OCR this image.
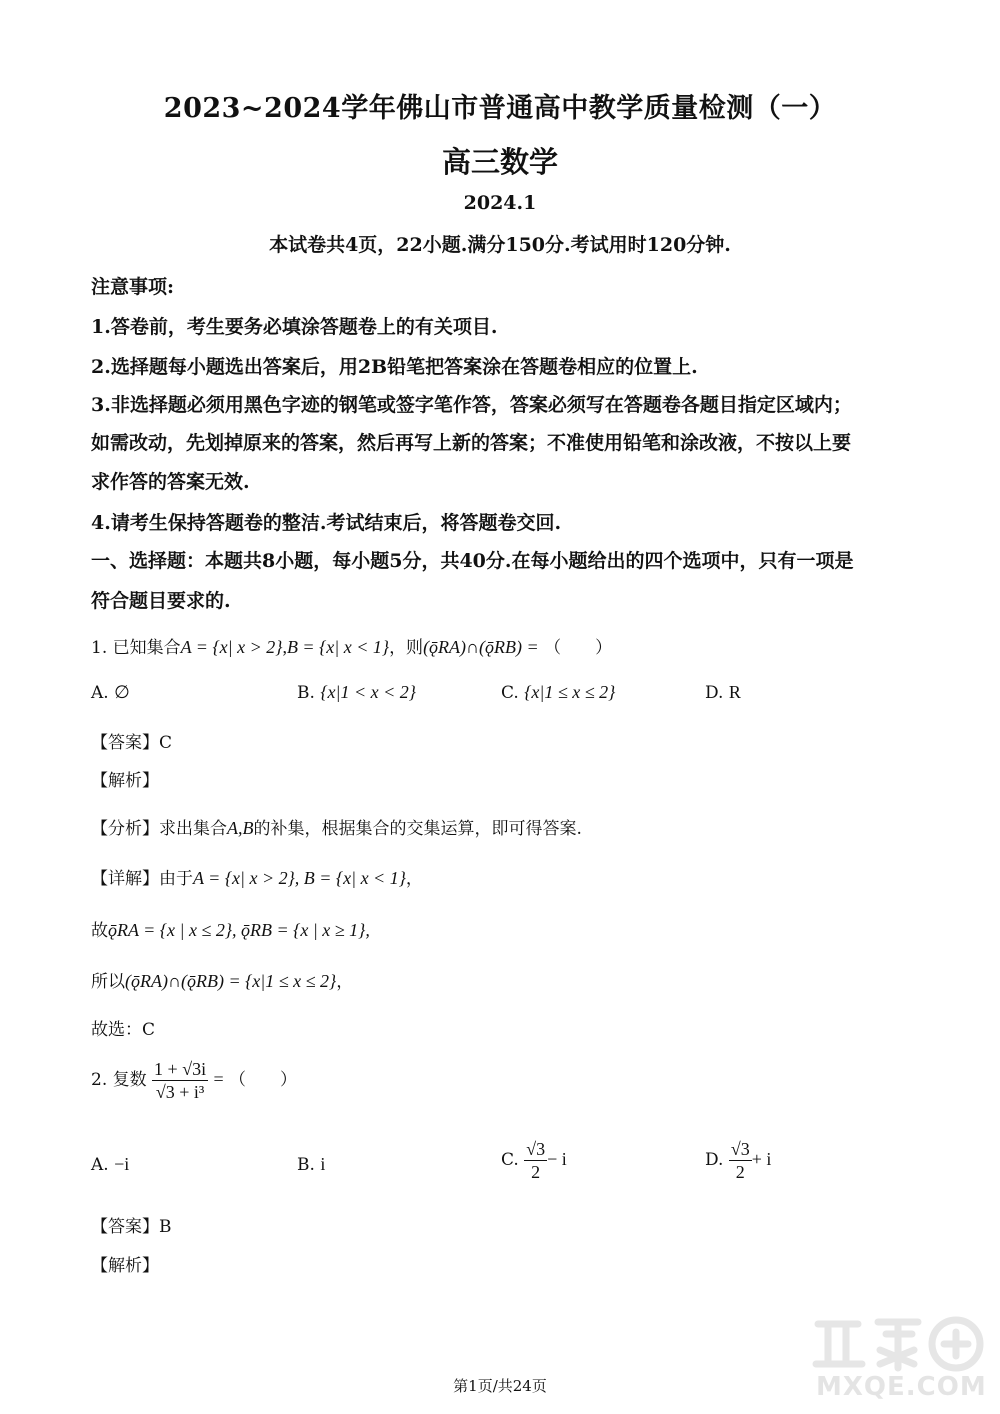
2023~2024学年佛山市普通高中教学质量检测（一）
高三数学
2024.1
本试卷共4页，22小题.满分150分.考试用时120分钟.
注意事项:
1.答卷前，考生要务必填涂答题卷上的有关项目.
2.选择题每小题选出答案后，用2B铅笔把答案涂在答题卷相应的位置上.
3.非选择题必须用黑色字迹的钢笔或签字笔作答，答案必须写在答题卷各题目指定区域内；
如需改动，先划掉原来的答案，然后再写上新的答案；不准使用铅笔和涂改液，不按以上要
求作答的答案无效.
4.请考生保持答题卷的整洁.考试结束后，将答题卷交回.
一、选择题：本题共8小题，每小题5分，共40分.在每小题给出的四个选项中，只有一项是
符合题目要求的.
1. 已知集合A = {x| x > 2},B = {x| x < 1}，则(ǭRA)∩(ǭRB) = （　　）
A. ∅	B. {x|1 < x < 2}	C. {x|1 ≤ x ≤ 2}	D. R
【答案】C
【解析】
【分析】求出集合A,B的补集，根据集合的交集运算，即可得答案.
【详解】由于A = {x| x > 2}, B = {x| x < 1}，
故ǭRA = {x | x ≤ 2}, ǭRB = {x | x ≥ 1},
所以(ǭRA)∩(ǭRB) = {x|1 ≤ x ≤ 2}，
故选：C
2. 复数 $\frac{1 + √3i}{\text{√3 + i³}}$ = （　　）
A. −i	B. i	C. $\frac{√3}{2} - i$	D. $\frac{√3}{2} + i$
【答案】B
【解析】
MXQE.COM
第1页/共24页
